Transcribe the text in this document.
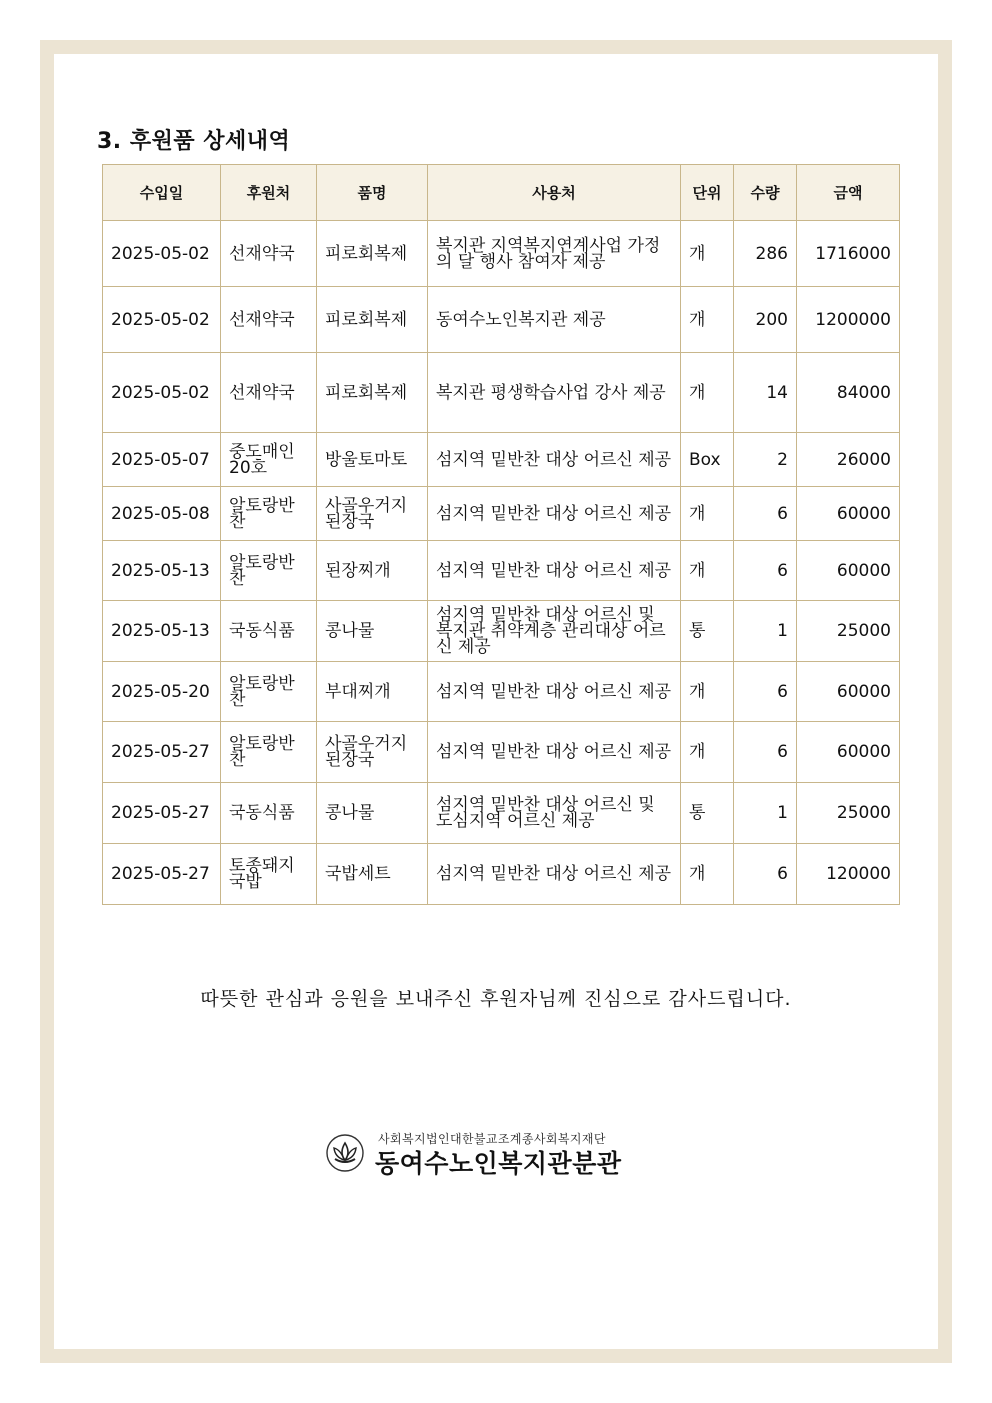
3. 후원품 상세내역
수입일	후원처	품명	사용처	단위	수량	금액
2025-05-02	선재약국	피로회복제	복지관 지역복지연계사업 가정의 달 행사 참여자 제공	개	286	1716000
2025-05-02	선재약국	피로회복제	동여수노인복지관 제공	개	200	1200000
2025-05-02	선재약국	피로회복제	복지관 평생학습사업 강사 제공	개	14	84000
2025-05-07	중도매인20호	방울토마토	섬지역 밑반찬 대상 어르신 제공	Box	2	26000
2025-05-08	알토랑반찬	사골우거지된장국	섬지역 밑반찬 대상 어르신 제공	개	6	60000
2025-05-13	알토랑반찬	된장찌개	섬지역 밑반찬 대상 어르신 제공	개	6	60000
2025-05-13	국동식품	콩나물	섬지역 밑반찬 대상 어르신 및 복지관 취약계층 관리대상 어르신 제공	통	1	25000
2025-05-20	알토랑반찬	부대찌개	섬지역 밑반찬 대상 어르신 제공	개	6	60000
2025-05-27	알토랑반찬	사골우거지된장국	섬지역 밑반찬 대상 어르신 제공	개	6	60000
2025-05-27	국동식품	콩나물	섬지역 밑반찬 대상 어르신 및 도심지역 어르신 제공	통	1	25000
2025-05-27	토종돼지국밥	국밥세트	섬지역 밑반찬 대상 어르신 제공	개	6	120000
따뜻한 관심과 응원을 보내주신 후원자님께 진심으로 감사드립니다.
사회복지법인대한불교조계종사회복지재단
동여수노인복지관분관
